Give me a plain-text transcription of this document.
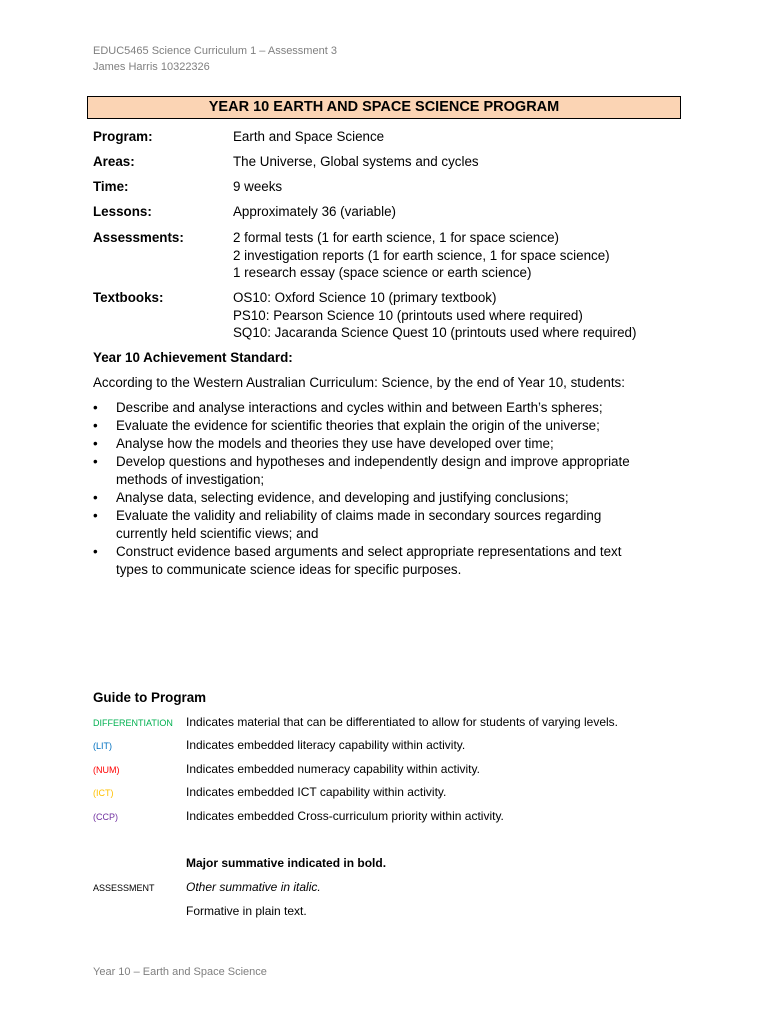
EDUC5465 Science Curriculum 1 – Assessment 3
James Harris 10322326
YEAR 10 EARTH AND SPACE SCIENCE PROGRAM
Program:	Earth and Space Science
Areas:	The Universe, Global systems and cycles
Time:	9 weeks
Lessons:	Approximately 36 (variable)
Assessments:	2 formal tests (1 for earth science, 1 for space science)
2 investigation reports (1 for earth science, 1 for space science)
1 research essay (space science or earth science)
Textbooks:	OS10: Oxford Science 10 (primary textbook)
PS10: Pearson Science 10 (printouts used where required)
SQ10: Jacaranda Science Quest 10 (printouts used where required)
Year 10 Achievement Standard:
According to the Western Australian Curriculum: Science, by the end of Year 10, students:
• Describe and analyse interactions and cycles within and between Earth’s spheres;
• Evaluate the evidence for scientific theories that explain the origin of the universe;
• Analyse how the models and theories they use have developed over time;
• Develop questions and hypotheses and independently design and improve appropriate
methods of investigation;
• Analyse data, selecting evidence, and developing and justifying conclusions;
• Evaluate the validity and reliability of claims made in secondary sources regarding
currently held scientific views; and
• Construct evidence based arguments and select appropriate representations and text
types to communicate science ideas for specific purposes.
Guide to Program
DIFFERENTIATION Indicates material that can be differentiated to allow for students of varying levels.
(LIT)	Indicates embedded literacy capability within activity.
(NUM)	Indicates embedded numeracy capability within activity.
(ICT)	Indicates embedded ICT capability within activity.
(CCP)	Indicates embedded Cross-curriculum priority within activity.
Major summative indicated in bold.
ASSESSMENT	Other summative in italic.
Formative in plain text.
Year 10 – Earth and Space Science
